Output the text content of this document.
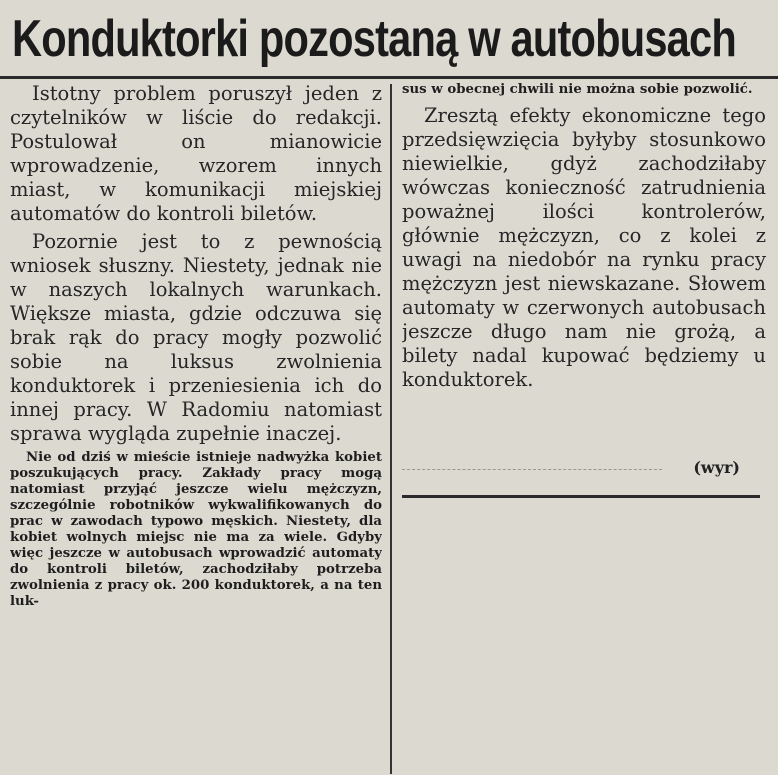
Konduktorki pozostaną w autobusach

Istotny problem poruszył jeden z czytelników w liście do redakcji. Postulował on mianowicie wprowadzenie, wzorem innych miast, w komunikacji miejskiej automatów do kontroli biletów.

Pozornie jest to z pewnością wniosek słuszny. Niestety, jednak nie w naszych lokalnych warunkach. Większe miasta, gdzie odczuwa się brak rąk do pracy mogły pozwolić sobie na luksus zwolnienia konduktorek i przeniesienia ich do innej pracy. W Radomiu natomiast sprawa wygląda zupełnie inaczej.

Nie od dziś w mieście istnieje nadwyżka kobiet poszukujących pracy. Zakłady pracy mogą natomiast przyjąć jeszcze wielu mężczyzn, szczególnie robotników wykwalifikowanych do prac w zawodach typowo męskich. Niestety, dla kobiet wolnych miejsc nie ma za wiele. Gdyby więc jeszcze w autobusach wprowadzić automaty do kontroli biletów, zachodziłaby potrzeba zwolnienia z pracy ok. 200 konduktorek, a na ten luk-

sus w obecnej chwili nie można sobie pozwolić.

Zresztą efekty ekonomiczne tego przedsięwzięcia byłyby stosunkowo niewielkie, gdyż zachodziłaby wówczas konieczność zatrudnienia poważnej ilości kontrolerów, głównie mężczyzn, co z kolei z uwagi na niedobór na rynku pracy mężczyzn jest niewskazane. Słowem automaty w czerwonych autobusach jeszcze długo nam nie grożą, a bilety nadal kupować będziemy u konduktorek.

(wyr)
